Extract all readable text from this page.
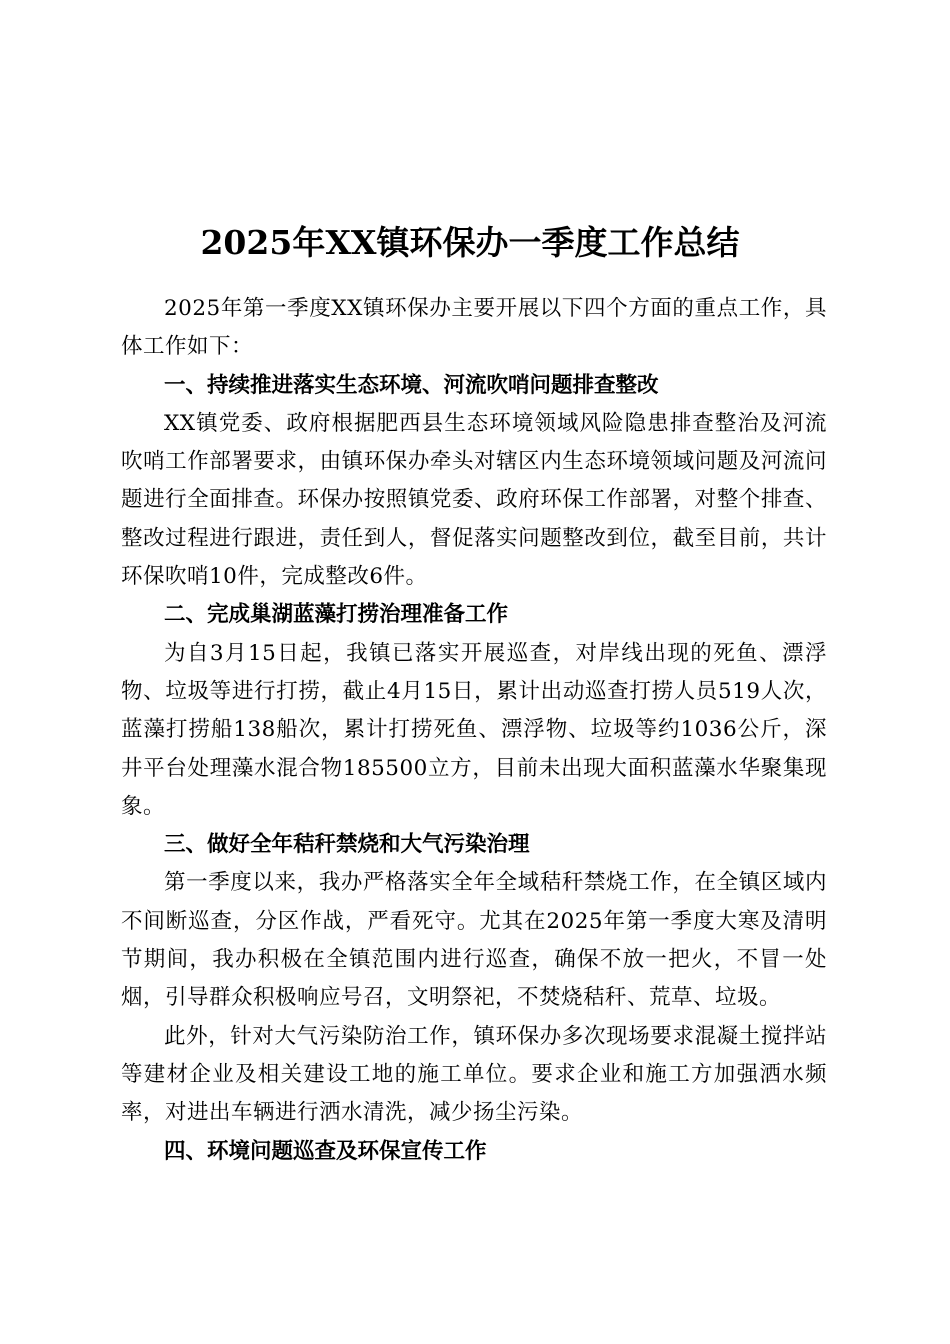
2025年XX镇环保办一季度工作总结

2025年第一季度XX镇环保办主要开展以下四个方面的重点工作，具体工作如下：

一、持续推进落实生态环境、河流吹哨问题排查整改

XX镇党委、政府根据肥西县生态环境领域风险隐患排查整治及河流吹哨工作部署要求，由镇环保办牵头对辖区内生态环境领域问题及河流问题进行全面排查。环保办按照镇党委、政府环保工作部署，对整个排查、整改过程进行跟进，责任到人，督促落实问题整改到位，截至目前，共计环保吹哨10件，完成整改6件。

二、完成巢湖蓝藻打捞治理准备工作

为自3月15日起，我镇已落实开展巡查，对岸线出现的死鱼、漂浮物、垃圾等进行打捞，截止4月15日，累计出动巡查打捞人员519人次，蓝藻打捞船138船次，累计打捞死鱼、漂浮物、垃圾等约1036公斤，深井平台处理藻水混合物185500立方，目前未出现大面积蓝藻水华聚集现象。

三、做好全年秸秆禁烧和大气污染治理

第一季度以来，我办严格落实全年全域秸秆禁烧工作，在全镇区域内不间断巡查，分区作战，严看死守。尤其在2025年第一季度大寒及清明节期间，我办积极在全镇范围内进行巡查，确保不放一把火，不冒一处烟，引导群众积极响应号召，文明祭祀，不焚烧秸秆、荒草、垃圾。

此外，针对大气污染防治工作，镇环保办多次现场要求混凝土搅拌站等建材企业及相关建设工地的施工单位。要求企业和施工方加强洒水频率，对进出车辆进行洒水清洗，减少扬尘污染。

四、环境问题巡查及环保宣传工作
